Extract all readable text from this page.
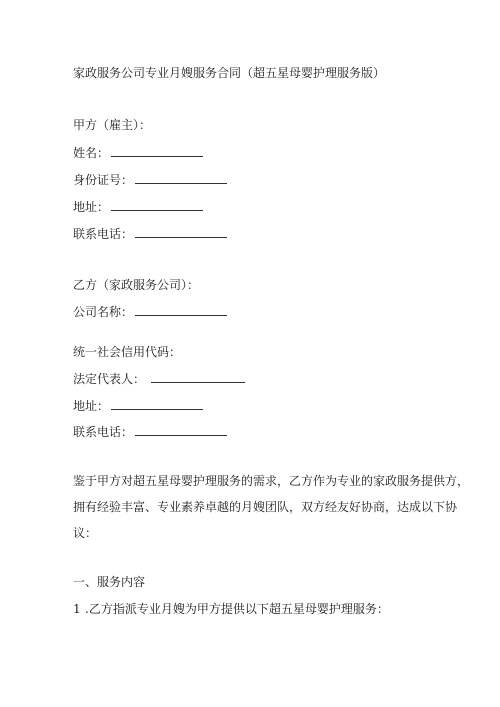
家政服务公司专业月嫂服务合同（超五星母婴护理服务版）
甲方（雇主）：
姓名：
身份证号：
地址：
联系电话：
乙方（家政服务公司）：
公司名称：
统一社会信用代码：
法定代表人：
地址：
联系电话：
鉴于甲方对超五星母婴护理服务的需求，乙方作为专业的家政服务提供方，
拥有经验丰富、专业素养卓越的月嫂团队，双方经友好协商，达成以下协
议：
一、服务内容
1 .乙方指派专业月嫂为甲方提供以下超五星母婴护理服务：
